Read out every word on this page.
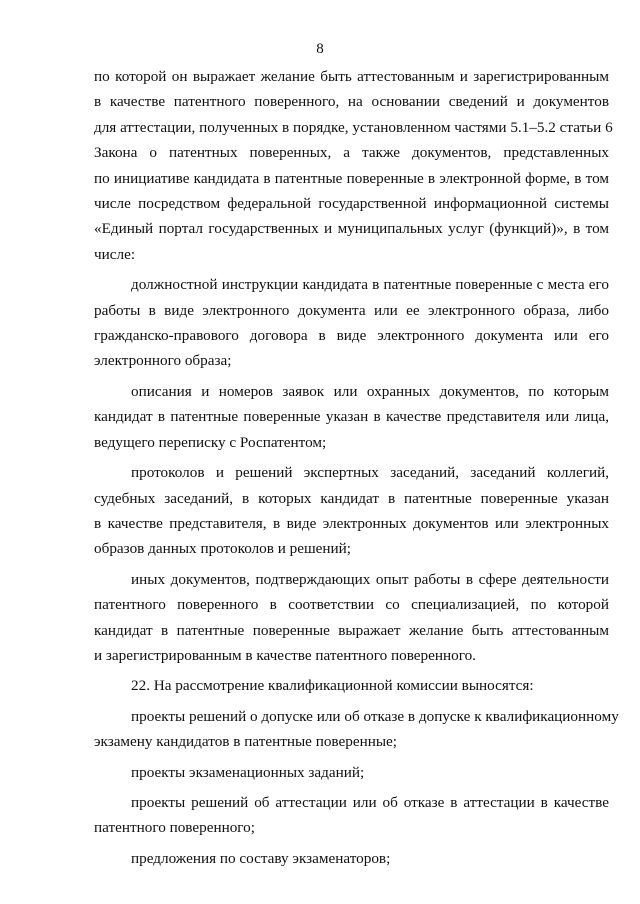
8
по которой он выражает желание быть аттестованным и зарегистрированным
в качестве патентного поверенного, на основании сведений и документов
для аттестации, полученных в порядке, установленном частями 5.1–5.2 статьи 6
Закона о патентных поверенных, а также документов, представленных
по инициативе кандидата в патентные поверенные в электронной форме, в том
числе посредством федеральной государственной информационной системы
«Единый портал государственных и муниципальных услуг (функций)», в том
числе:
должностной инструкции кандидата в патентные поверенные с места его
работы в виде электронного документа или ее электронного образа, либо
гражданско-правового договора в виде электронного документа или его
электронного образа;
описания и номеров заявок или охранных документов, по которым
кандидат в патентные поверенные указан в качестве представителя или лица,
ведущего переписку с Роспатентом;
протоколов и решений экспертных заседаний, заседаний коллегий,
судебных заседаний, в которых кандидат в патентные поверенные указан
в качестве представителя, в виде электронных документов или электронных
образов данных протоколов и решений;
иных документов, подтверждающих опыт работы в сфере деятельности
патентного поверенного в соответствии со специализацией, по которой
кандидат в патентные поверенные выражает желание быть аттестованным
и зарегистрированным в качестве патентного поверенного.
22. На рассмотрение квалификационной комиссии выносятся:
проекты решений о допуске или об отказе в допуске к квалификационному
экзамену кандидатов в патентные поверенные;
проекты экзаменационных заданий;
проекты решений об аттестации или об отказе в аттестации в качестве
патентного поверенного;
предложения по составу экзаменаторов;
